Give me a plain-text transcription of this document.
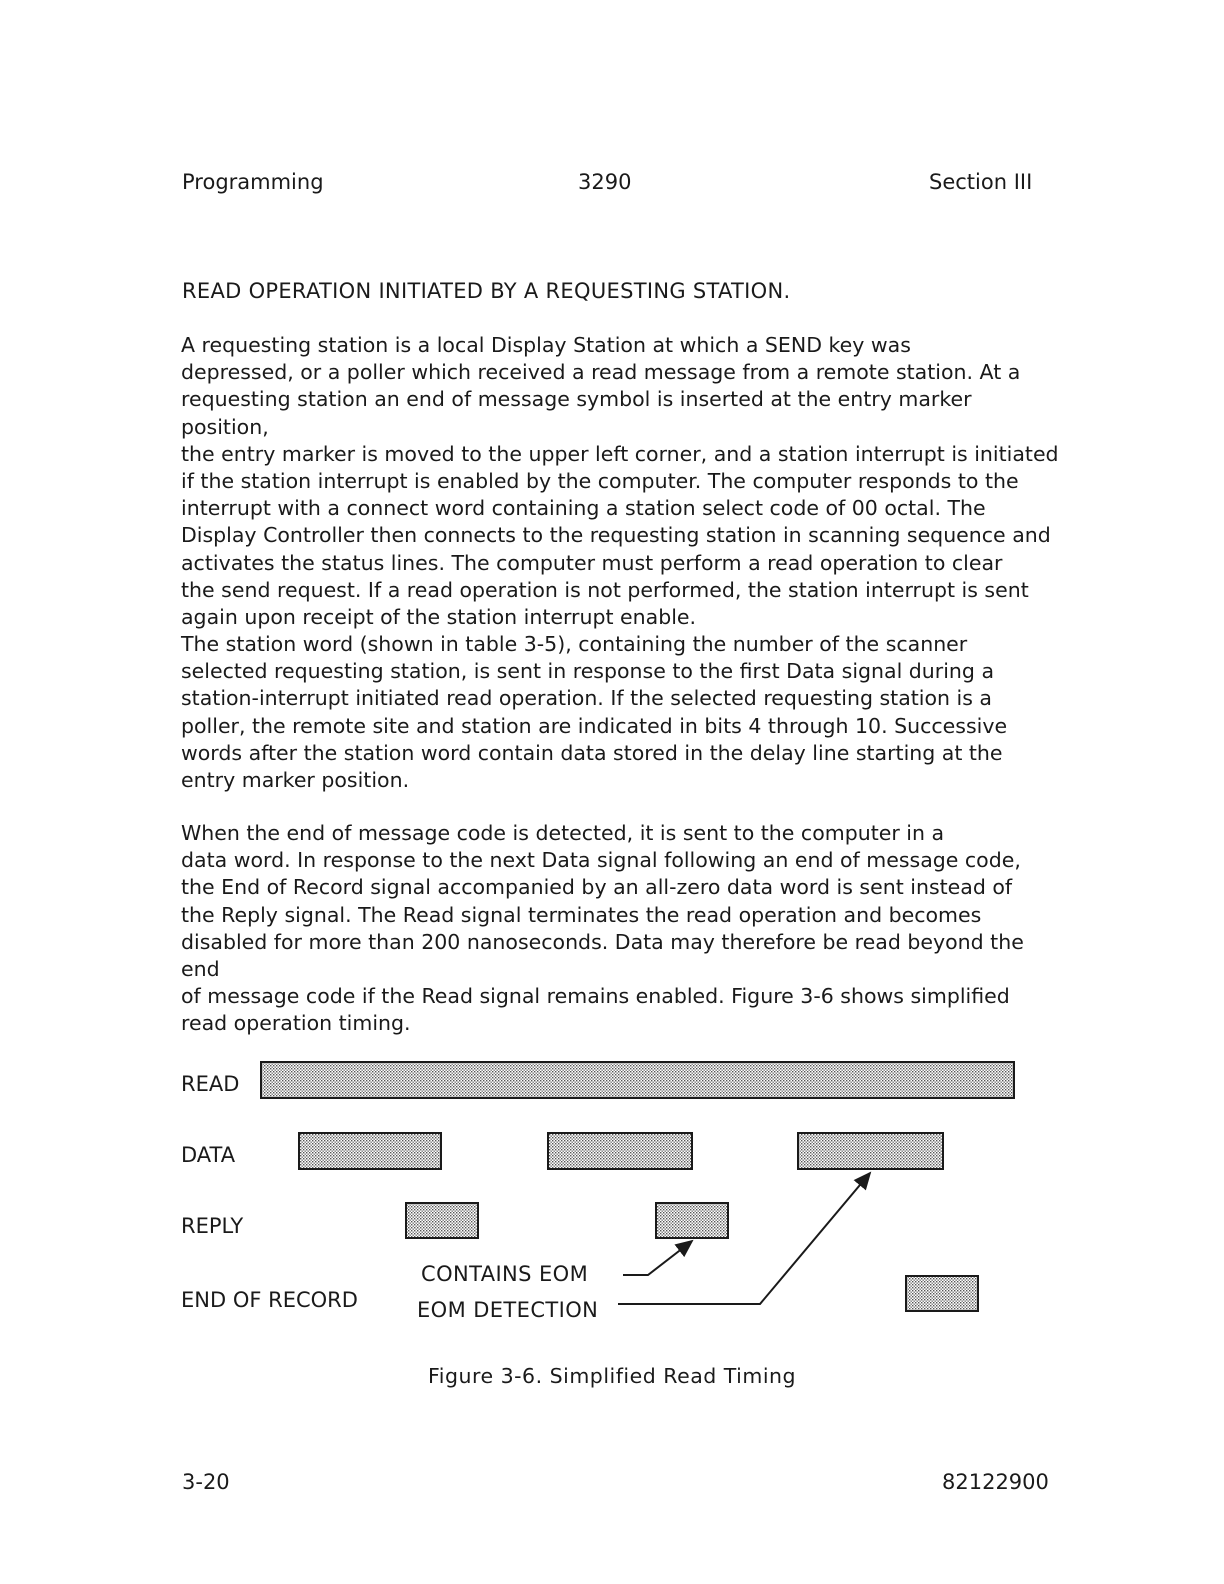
Programming	3290	Section III
READ OPERATION INITIATED BY A REQUESTING STATION.

A requesting station is a local Display Station at which a SEND key was
depressed, or a poller which received a read message from a remote station. At a
requesting station an end of message symbol is inserted at the entry marker position,
the entry marker is moved to the upper left corner, and a station interrupt is initiated
if the station interrupt is enabled by the computer. The computer responds to the
interrupt with a connect word containing a station select code of 00 octal. The
Display Controller then connects to the requesting station in scanning sequence and
activates the status lines. The computer must perform a read operation to clear
the send request. If a read operation is not performed, the station interrupt is sent
again upon receipt of the station interrupt enable.

The station word (shown in table 3-5), containing the number of the scanner
selected requesting station, is sent in response to the first Data signal during a
station-interrupt initiated read operation. If the selected requesting station is a
poller, the remote site and station are indicated in bits 4 through 10. Successive
words after the station word contain data stored in the delay line starting at the
entry marker position.

When the end of message code is detected, it is sent to the computer in a
data word. In response to the next Data signal following an end of message code,
the End of Record signal accompanied by an all-zero data word is sent instead of
the Reply signal. The Read signal terminates the read operation and becomes
disabled for more than 200 nanoseconds. Data may therefore be read beyond the end
of message code if the Read signal remains enabled. Figure 3-6 shows simplified
read operation timing.

READ
DATA
REPLY
END OF RECORD
CONTAINS EOM
EOM DETECTION
Figure 3-6. Simplified Read Timing
3-20	82122900
